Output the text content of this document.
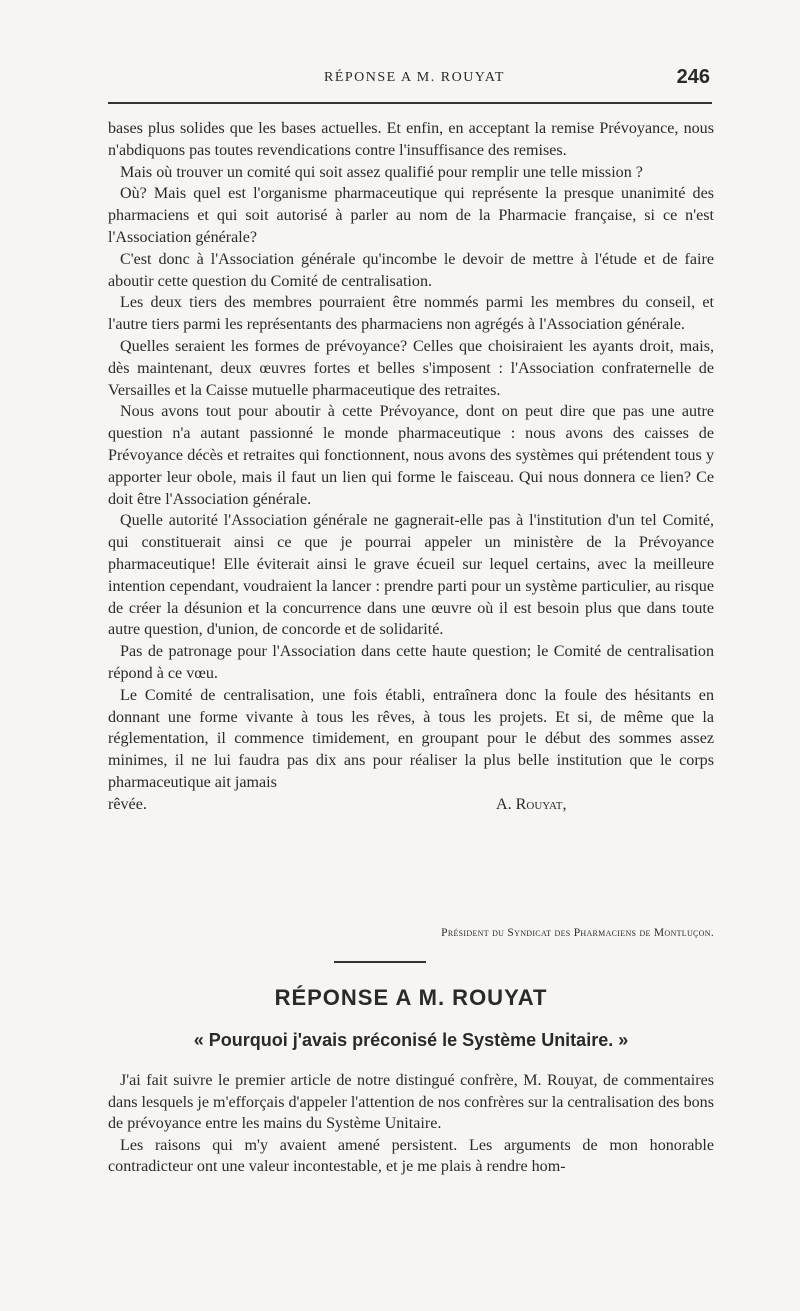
RÉPONSE A M. ROUYAT	246

bases plus solides que les bases actuelles. Et enfin, en acceptant la remise Prévoyance, nous n'abdiquons pas toutes revendications contre l'insuffisance des remises.

Mais où trouver un comité qui soit assez qualifié pour remplir une telle mission ?

Où? Mais quel est l'organisme pharmaceutique qui représente la presque unanimité des pharmaciens et qui soit autorisé à parler au nom de la Pharmacie française, si ce n'est l'Association générale?

C'est donc à l'Association générale qu'incombe le devoir de mettre à l'étude et de faire aboutir cette question du Comité de centralisation.

Les deux tiers des membres pourraient être nommés parmi les membres du conseil, et l'autre tiers parmi les représentants des pharmaciens non agrégés à l'Association générale.

Quelles seraient les formes de prévoyance? Celles que choisiraient les ayants droit, mais, dès maintenant, deux œuvres fortes et belles s'imposent : l'Association confraternelle de Versailles et la Caisse mutuelle pharmaceutique des retraites.

Nous avons tout pour aboutir à cette Prévoyance, dont on peut dire que pas une autre question n'a autant passionné le monde pharmaceutique : nous avons des caisses de Prévoyance décès et retraites qui fonctionnent, nous avons des systèmes qui prétendent tous y apporter leur obole, mais il faut un lien qui forme le faisceau. Qui nous donnera ce lien? Ce doit être l'Association générale.

Quelle autorité l'Association générale ne gagnerait-elle pas à l'institution d'un tel Comité, qui constituerait ainsi ce que je pourrai appeler un ministère de la Prévoyance pharmaceutique! Elle éviterait ainsi le grave écueil sur lequel certains, avec la meilleure intention cependant, voudraient la lancer : prendre parti pour un système particulier, au risque de créer la désunion et la concurrence dans une œuvre où il est besoin plus que dans toute autre question, d'union, de concorde et de solidarité.

Pas de patronage pour l'Association dans cette haute question; le Comité de centralisation répond à ce vœu.

Le Comité de centralisation, une fois établi, entraînera donc la foule des hésitants en donnant une forme vivante à tous les rêves, à tous les projets. Et si, de même que la réglementation, il commence timidement, en groupant pour le début des sommes assez minimes, il ne lui faudra pas dix ans pour réaliser la plus belle institution que le corps pharmaceutique ait jamais

rêvée.	A. Rouyat,
Président du Syndicat des Pharmaciens de Montluçon.
RÉPONSE A M. ROUYAT
« Pourquoi j'avais préconisé le Système Unitaire. »

J'ai fait suivre le premier article de notre distingué confrère, M. Rouyat, de commentaires dans lesquels je m'efforçais d'appeler l'attention de nos confrères sur la centralisation des bons de prévoyance entre les mains du Système Unitaire.

Les raisons qui m'y avaient amené persistent. Les arguments de mon honorable contradicteur ont une valeur incontestable, et je me plais à rendre hom-
